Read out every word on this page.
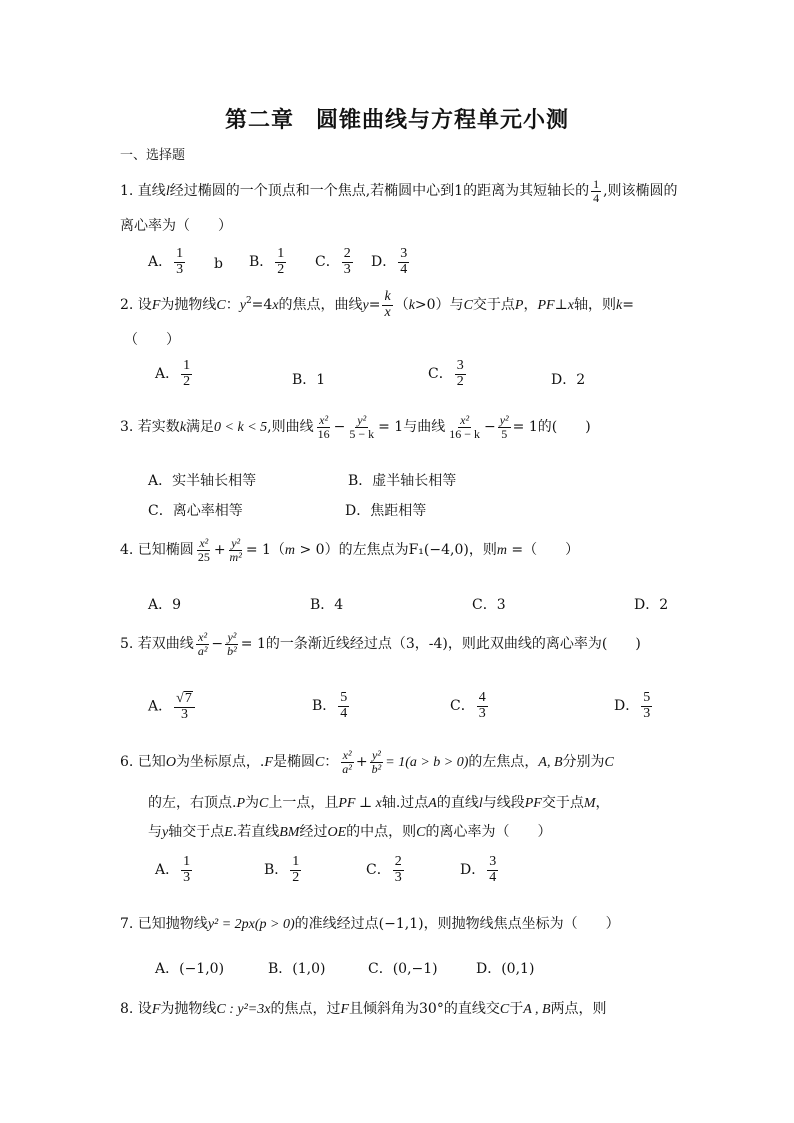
第二章 圆锥曲线与方程单元小测
一、选择题
1. 直线l经过椭圆的一个顶点和一个焦点,若椭圆中心到1的距离为其短轴长的 $\frac{1}{4}$ ,则该椭圆的
离心率为（　　）
A． $\frac{1}{3}$ b B． $\frac{1}{2}$ C． $\frac{2}{3}$ D． $\frac{3}{4}$
2. 设F为抛物线C：$y^2=4x$的焦点，曲线$y= \frac{k}{x} (k>0)$与C交于点P，PF⊥x轴，则k=
（　　）
A． $\frac{1}{2}$	B．1	C． $\frac{3}{2}$	D．2
3. 若实数k满足0 < k < 5,则曲线 $\frac{\text{x²}}{16} - \frac{\text{y²}}{5 - k} = 1$与曲线 $\frac{\text{x²}}{16 - k} - \frac{\text{y²}}{5} = 1$的(　　)
A．实半轴长相等	B．虚半轴长相等
C．离心率相等	D．焦距相等
4. 已知椭圆 $\frac{\text{x²}}{25} + \frac{\text{y²}}{\text{m²}} = 1(m > 0)$的左焦点为F₁(−4,0)，则m =（　　）
A．9	B．4	C．3	D．2
5. 若双曲线 $\frac{\text{x²}}{\text{a²}} - \frac{\text{y²}}{\text{b²}} = 1$的一条渐近线经过点（3，-4)，则此双曲线的离心率为(　　)
A． $\frac{√7}{3}$	B． $\frac{5}{4}$	C． $\frac{4}{3}$	D． $\frac{5}{3}$
6. 已知O为坐标原点，.F是椭圆C： $\frac{\text{x²}}{\text{a²}} + \frac{\text{y²}}{\text{b²}} = 1(a > b > 0)$的左焦点，A, B分别为C
的左，右顶点.P为C上一点，且PF ⊥ x轴.过点A的直线l与线段PF交于点M，
与y轴交于点E.若直线BM经过OE的中点，则C的离心率为（　　）
A． $\frac{1}{3}$	B． $\frac{1}{2}$	C． $\frac{2}{3}$	D． $\frac{3}{4}$
7. 已知抛物线y² = 2px(p > 0)的准线经过点(−1,1)，则抛物线焦点坐标为（　　）
A．(−1,0)	B．(1,0)	C．(0,−1)	D．(0,1)
8. 设F为抛物线C : y²=3x的焦点，过F且倾斜角为30°的直线交C于A , B两点，则
